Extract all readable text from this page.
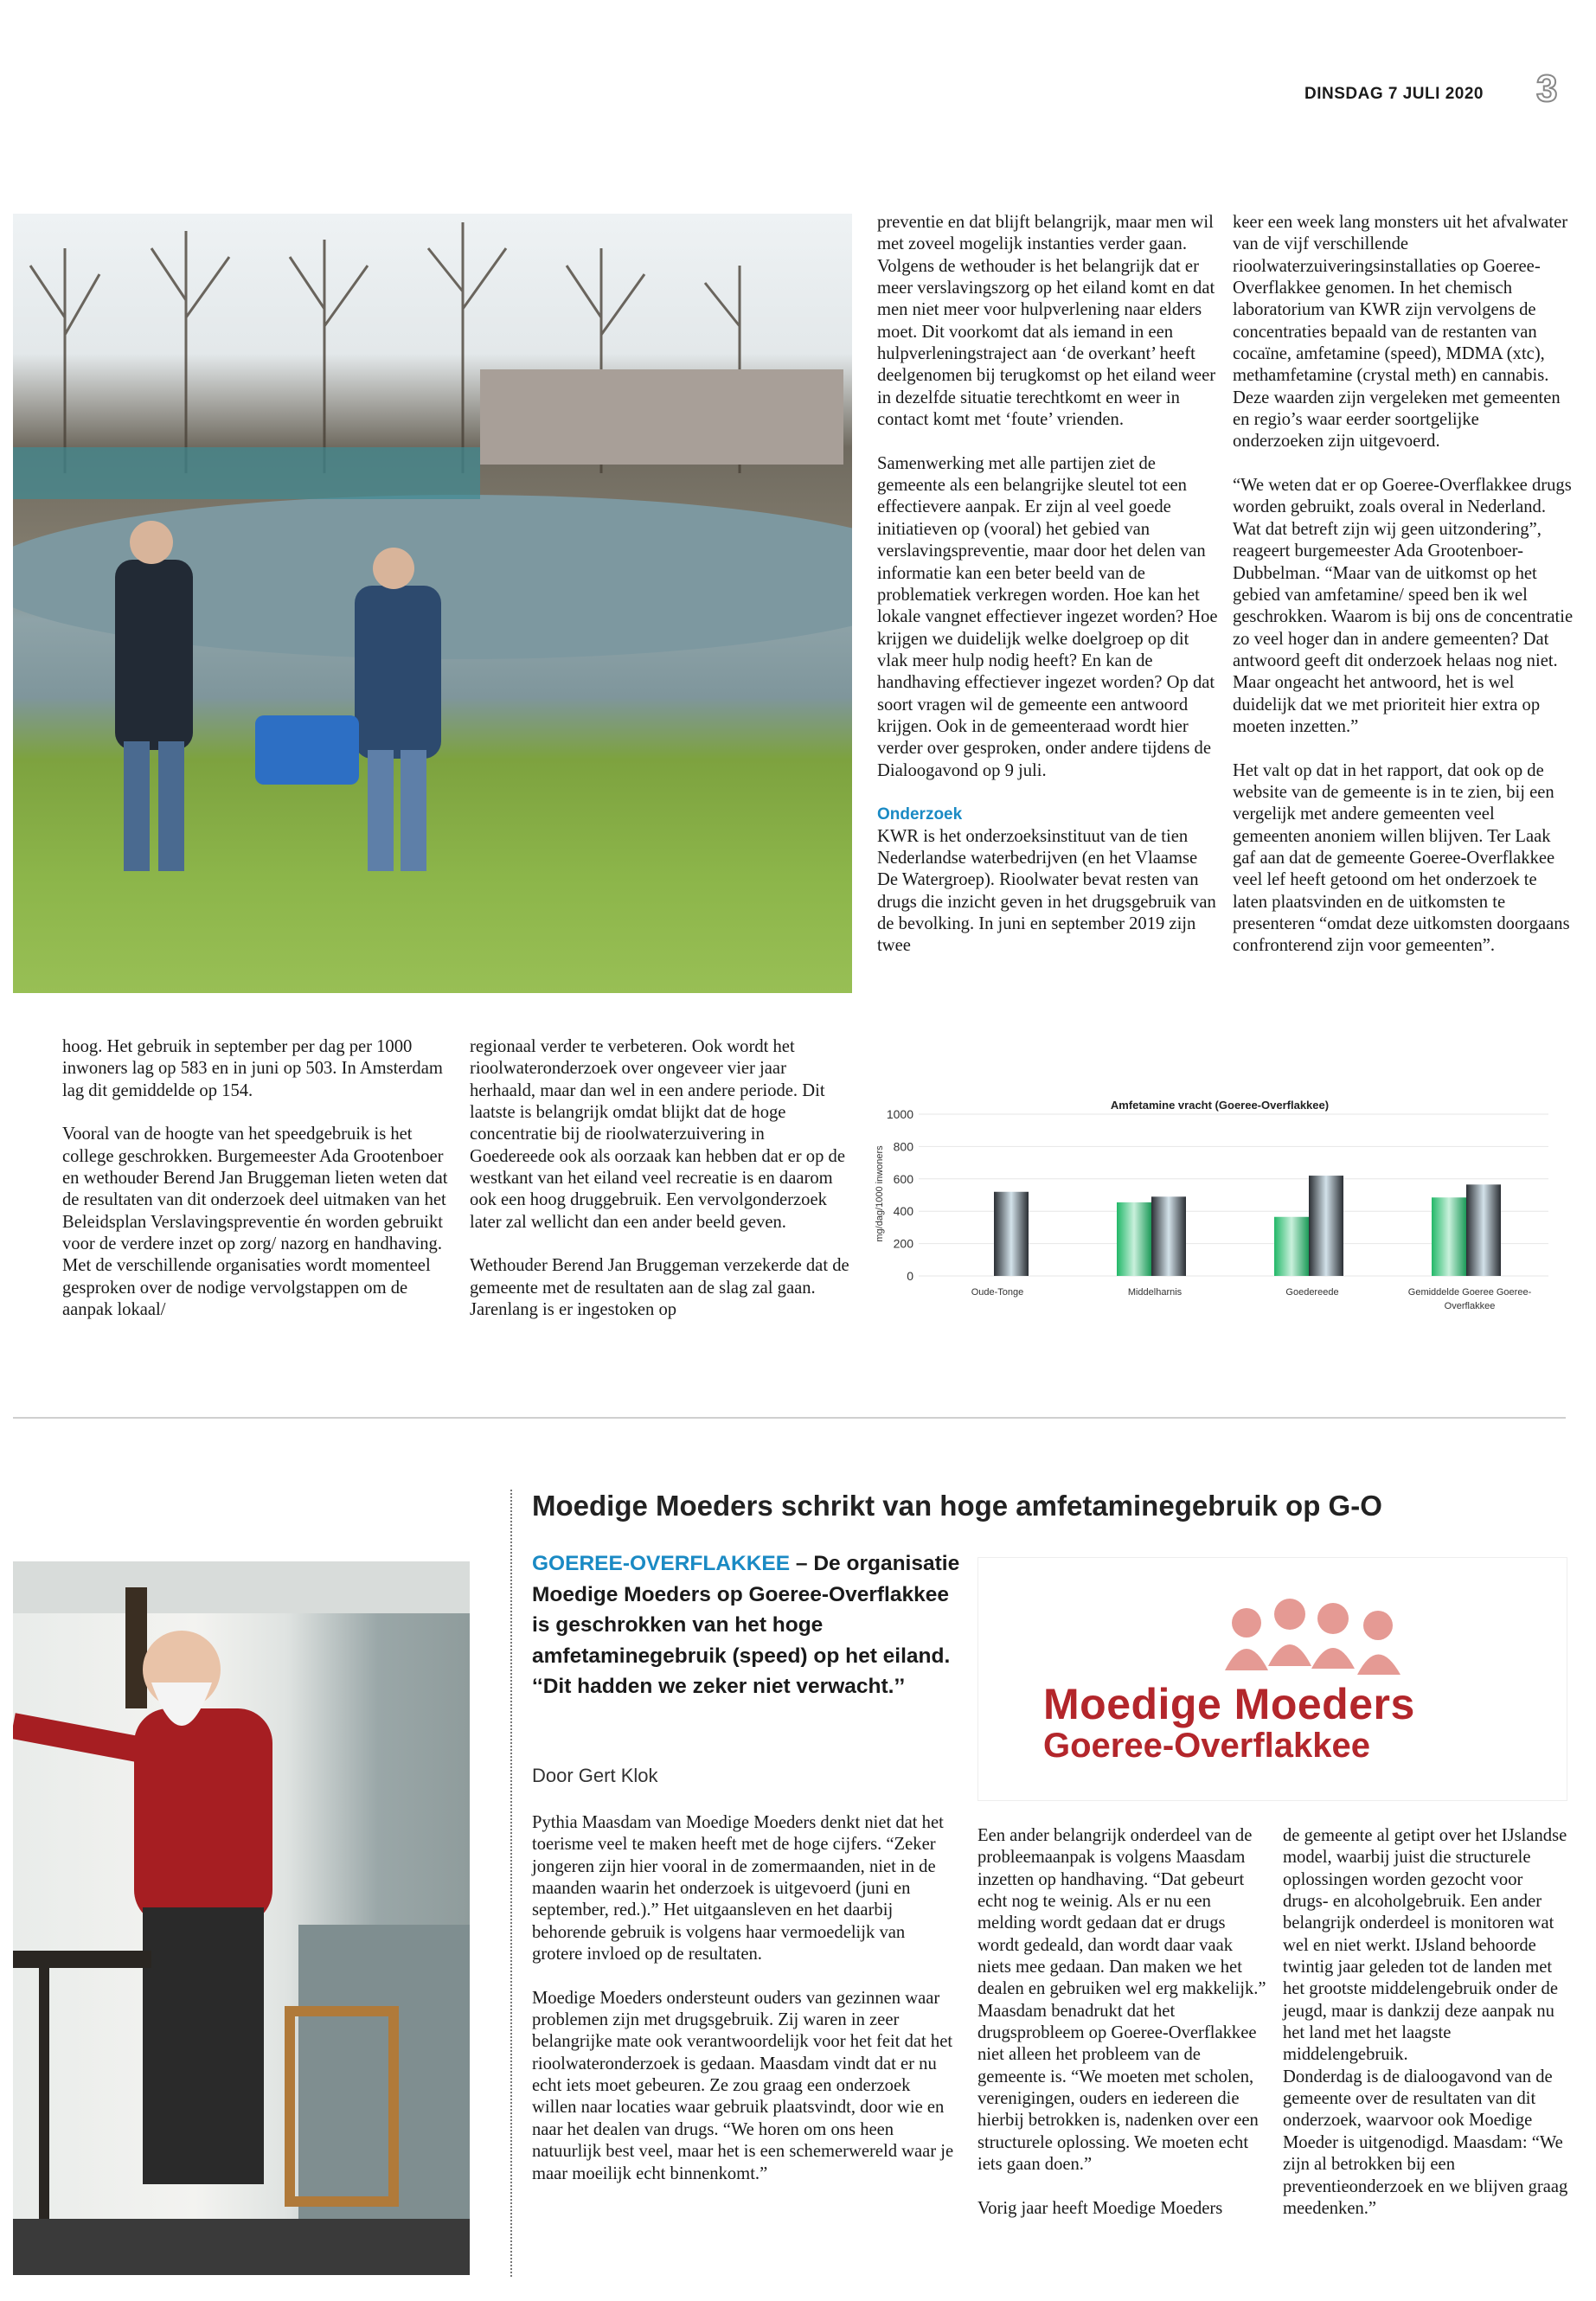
DINSDAG 7 JULI 2020 3

hoog. Het gebruik in september per dag per 1000 inwoners lag op 583 en in juni op 503. In Amsterdam lag dit gemiddelde op 154.

Vooral van de hoogte van het speedgebruik is het college geschrokken. Burgemeester Ada Grootenboer en wethouder Berend Jan Bruggeman lieten weten dat de resultaten van dit onderzoek deel uitmaken van het Beleidsplan Verslavingspreventie én worden gebruikt voor de verdere inzet op zorg/ nazorg en handhaving. Met de verschillende organisaties wordt momenteel gesproken over de nodige vervolgstappen om de aanpak lokaal/

regionaal verder te verbeteren. Ook wordt het rioolwateronderzoek over ongeveer vier jaar herhaald, maar dan wel in een andere periode. Dit laatste is belangrijk omdat blijkt dat de hoge concentratie bij de rioolwaterzuivering in Goedereede ook als oorzaak kan hebben dat er op de westkant van het eiland veel recreatie is en daarom ook een hoog druggebruik. Een vervolgonderzoek later zal wellicht dan een ander beeld geven.

Wethouder Berend Jan Bruggeman verzekerde dat de gemeente met de resultaten aan de slag zal gaan. Jarenlang is er ingestoken op

preventie en dat blijft belangrijk, maar men wil met zoveel mogelijk instanties verder gaan. Volgens de wethouder is het belangrijk dat er meer verslavingszorg op het eiland komt en dat men niet meer voor hulpverlening naar elders moet. Dit voorkomt dat als iemand in een hulpverleningstraject aan ‘de overkant’ heeft deelgenomen bij terugkomst op het eiland weer in dezelfde situatie terechtkomt en weer in contact komt met ‘foute’ vrienden.

Samenwerking met alle partijen ziet de gemeente als een belangrijke sleutel tot een effectievere aanpak. Er zijn al veel goede initiatieven op (vooral) het gebied van verslavingspreventie, maar door het delen van informatie kan een beter beeld van de problematiek verkregen worden. Hoe kan het lokale vangnet effectiever ingezet worden? Hoe krijgen we duidelijk welke doelgroep op dit vlak meer hulp nodig heeft? En kan de handhaving effectiever ingezet worden? Op dat soort vragen wil de gemeente een antwoord krijgen. Ook in de gemeenteraad wordt hier verder over gesproken, onder andere tijdens de Dialoogavond op 9 juli.

Onderzoek

KWR is het onderzoeksinstituut van de tien Nederlandse waterbedrijven (en het Vlaamse De Watergroep). Rioolwater bevat resten van drugs die inzicht geven in het drugsgebruik van de bevolking. In juni en september 2019 zijn twee

keer een week lang monsters uit het afvalwater van de vijf verschillende rioolwaterzuiveringsinstallaties op Goeree-Overflakkee genomen. In het chemisch laboratorium van KWR zijn vervolgens de concentraties bepaald van de restanten van cocaïne, amfetamine (speed), MDMA (xtc), methamfetamine (crystal meth) en cannabis. Deze waarden zijn vergeleken met gemeenten en regio’s waar eerder soortgelijke onderzoeken zijn uitgevoerd.

“We weten dat er op Goeree-Overflakkee drugs worden gebruikt, zoals overal in Nederland. Wat dat betreft zijn wij geen uitzondering”, reageert burgemeester Ada Grootenboer-Dubbelman. “Maar van de uitkomst op het gebied van amfetamine/ speed ben ik wel geschrokken. Waarom is bij ons de concentratie zo veel hoger dan in andere gemeenten? Dat antwoord geeft dit onderzoek helaas nog niet. Maar ongeacht het antwoord, het is wel duidelijk dat we met prioriteit hier extra op moeten inzetten.”

Het valt op dat in het rapport, dat ook op de website van de gemeente is in te zien, bij een vergelijk met andere gemeenten veel gemeenten anoniem willen blijven. Ter Laak gaf aan dat de gemeente Goeree-Overflakkee veel lef heeft getoond om het onderzoek te laten plaatsvinden en de uitkomsten te presenteren “omdat deze uitkomsten doorgaans confronterend zijn voor gemeenten”.

Amfetamine vracht (Goeree-Overflakkee)
mg/dag/1000 inwoners
0
200
400
600
800
1000
Oude-Tonge	Middelharnis	Goedereede	Gemiddelde Goeree Goeree-
Overflakkee
Moedige Moeders schrikt van hoge amfetaminegebruik op G-O
GOEREE-OVERFLAKKEE – De organisatie Moedige Moeders op Goeree-Overflakkee is geschrokken van het hoge amfetaminegebruik (speed) op het eiland. ‘‘Dit hadden we zeker niet verwacht.’’
Door Gert Klok
Moedige Moeders
Goeree-Overflakkee

Pythia Maasdam van Moedige Moeders denkt niet dat het toerisme veel te maken heeft met de hoge cijfers. “Zeker jongeren zijn hier vooral in de zomermaanden, niet in de maanden waarin het onderzoek is uitgevoerd (juni en september, red.).” Het uitgaansleven en het daarbij behorende gebruik is volgens haar vermoedelijk van grotere invloed op de resultaten.

Moedige Moeders ondersteunt ouders van gezinnen waar problemen zijn met drugsgebruik. Zij waren in zeer belangrijke mate ook verantwoordelijk voor het feit dat het rioolwateronderzoek is gedaan. Maasdam vindt dat er nu echt iets moet gebeuren. Ze zou graag een onderzoek willen naar locaties waar gebruik plaatsvindt, door wie en naar het dealen van drugs. “We horen om ons heen natuurlijk best veel, maar het is een schemerwereld waar je maar moeilijk echt binnenkomt.”

Een ander belangrijk onderdeel van de probleemaanpak is volgens Maasdam inzetten op handhaving. “Dat gebeurt echt nog te weinig. Als er nu een melding wordt gedaan dat er drugs wordt gedeald, dan wordt daar vaak niets mee gedaan. Dan maken we het dealen en gebruiken wel erg makkelijk.” Maasdam benadrukt dat het drugsprobleem op Goeree-Overflakkee niet alleen het probleem van de gemeente is. “We moeten met scholen, verenigingen, ouders en iedereen die hierbij betrokken is, nadenken over een structurele oplossing. We moeten echt iets gaan doen.”

Vorig jaar heeft Moedige Moeders

de gemeente al getipt over het IJslandse model, waarbij juist die structurele oplossingen worden gezocht voor drugs- en alcoholgebruik. Een ander belangrijk onderdeel is monitoren wat wel en niet werkt. IJsland behoorde twintig jaar geleden tot de landen met het grootste middelengebruik onder de jeugd, maar is dankzij deze aanpak nu het land met het laagste middelengebruik.

Donderdag is de dialoogavond van de gemeente over de resultaten van dit onderzoek, waarvoor ook Moedige Moeder is uitgenodigd. Maasdam: “We zijn al betrokken bij een preventieonderzoek en we blijven graag meedenken.”
